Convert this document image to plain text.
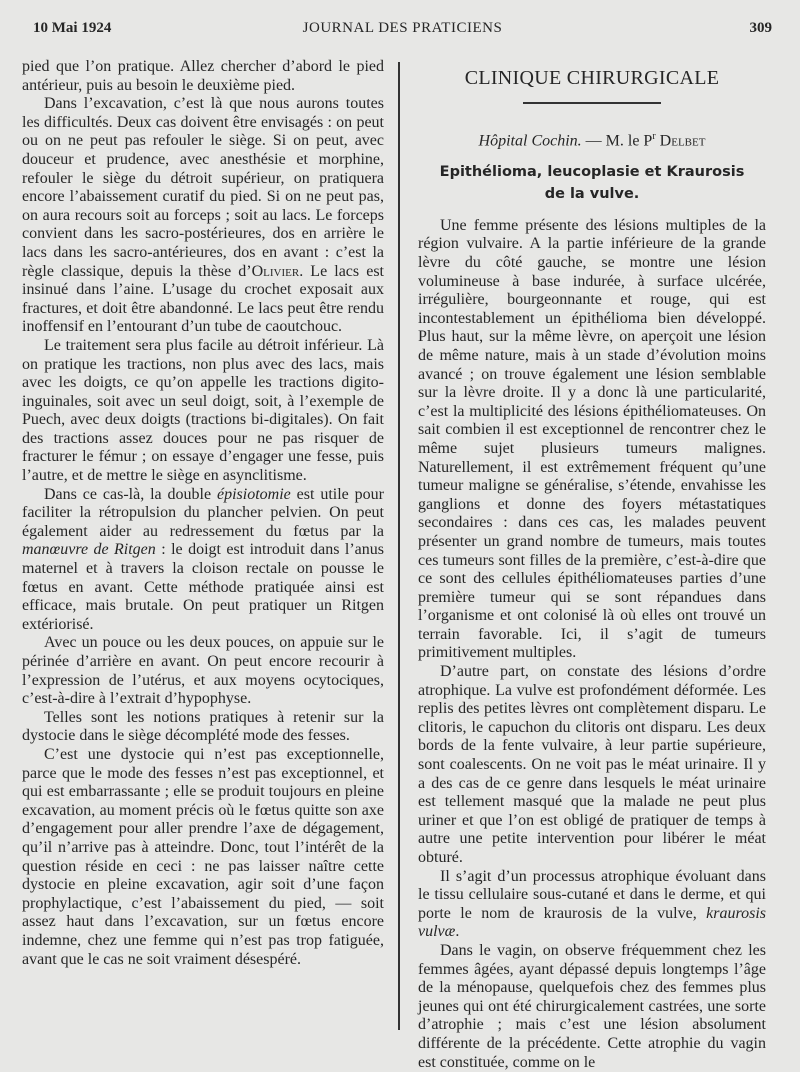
10 Mai 1924	JOURNAL DES PRATICIENS	309

pied que l’on pratique. Allez chercher d’abord le pied antérieur, puis au besoin le deuxième pied.

Dans l’excavation, c’est là que nous aurons toutes les difficultés. Deux cas doivent être envisagés : on peut ou on ne peut pas refouler le siège. Si on peut, avec douceur et prudence, avec anesthésie et morphine, refouler le siège du détroit supérieur, on pratiquera encore l’abaissement curatif du pied. Si on ne peut pas, on aura recours soit au forceps ; soit au lacs. Le forceps convient dans les sacro-postérieures, dos en arrière le lacs dans les sacro-antérieures, dos en avant : c’est la règle classique, depuis la thèse d’Olivier. Le lacs est insinué dans l’aine. L’usage du crochet exposait aux fractures, et doit être abandonné. Le lacs peut être rendu inoffensif en l’entourant d’un tube de caoutchouc.

Le traitement sera plus facile au détroit inférieur. Là on pratique les tractions, non plus avec des lacs, mais avec les doigts, ce qu’on appelle les tractions digito-inguinales, soit avec un seul doigt, soit, à l’exemple de Puech, avec deux doigts (tractions bi-digitales). On fait des tractions assez douces pour ne pas risquer de fracturer le fémur ; on essaye d’engager une fesse, puis l’autre, et de mettre le siège en asynclitisme.

Dans ce cas-là, la double épisiotomie est utile pour faciliter la rétropulsion du plancher pelvien. On peut également aider au redressement du fœtus par la manœuvre de Ritgen : le doigt est introduit dans l’anus maternel et à travers la cloison rectale on pousse le fœtus en avant. Cette méthode pratiquée ainsi est efficace, mais brutale. On peut pratiquer un Ritgen extériorisé.

Avec un pouce ou les deux pouces, on appuie sur le périnée d’arrière en avant. On peut encore recourir à l’expression de l’utérus, et aux moyens ocytociques, c’est-à-dire à l’extrait d’hypophyse.

Telles sont les notions pratiques à retenir sur la dystocie dans le siège décomplété mode des fesses.

C’est une dystocie qui n’est pas exceptionnelle, parce que le mode des fesses n’est pas exceptionnel, et qui est embarrassante ; elle se produit toujours en pleine excavation, au moment précis où le fœtus quitte son axe d’engagement pour aller prendre l’axe de dégagement, qu’il n’arrive pas à atteindre. Donc, tout l’intérêt de la question réside en ceci : ne pas laisser naître cette dystocie en pleine excavation, agir soit d’une façon prophylactique, c’est l’abaissement du pied, — soit assez haut dans l’excavation, sur un fœtus encore indemne, chez une femme qui n’est pas trop fatiguée, avant que le cas ne soit vraiment désespéré.

CLINIQUE CHIRURGICALE
Hôpital Cochin. — M. le $P^r$ Delbet
Epithélioma, leucoplasie et Kraurosis
de la vulve.

Une femme présente des lésions multiples de la région vulvaire. A la partie inférieure de la grande lèvre du côté gauche, se montre une lésion volumineuse à base indurée, à surface ulcérée, irrégulière, bourgeonnante et rouge, qui est incontestablement un épithélioma bien développé. Plus haut, sur la même lèvre, on aperçoit une lésion de même nature, mais à un stade d’évolution moins avancé ; on trouve également une lésion semblable sur la lèvre droite. Il y a donc là une particularité, c’est la multiplicité des lésions épithéliomateuses. On sait combien il est exceptionnel de rencontrer chez le même sujet plusieurs tumeurs malignes. Naturellement, il est extrêmement fréquent qu’une tumeur maligne se généralise, s’étende, envahisse les ganglions et donne des foyers métastatiques secondaires : dans ces cas, les malades peuvent présenter un grand nombre de tumeurs, mais toutes ces tumeurs sont filles de la première, c’est-à-dire que ce sont des cellules épithéliomateuses parties d’une première tumeur qui se sont répandues dans l’organisme et ont colonisé là où elles ont trouvé un terrain favorable. Ici, il s’agit de tumeurs primitivement multiples.

D’autre part, on constate des lésions d’ordre atrophique. La vulve est profondément déformée. Les replis des petites lèvres ont complètement disparu. Le clitoris, le capuchon du clitoris ont disparu. Les deux bords de la fente vulvaire, à leur partie supérieure, sont coalescents. On ne voit pas le méat urinaire. Il y a des cas de ce genre dans lesquels le méat urinaire est tellement masqué que la malade ne peut plus uriner et que l’on est obligé de pratiquer de temps à autre une petite intervention pour libérer le méat obturé.

Il s’agit d’un processus atrophique évoluant dans le tissu cellulaire sous-cutané et dans le derme, et qui porte le nom de kraurosis de la vulve, kraurosis vulvæ.

Dans le vagin, on observe fréquemment chez les femmes âgées, ayant dépassé depuis longtemps l’âge de la ménopause, quelquefois chez des femmes plus jeunes qui ont été chirurgicalement castrées, une sorte d’atrophie ; mais c’est une lésion absolument différente de la précédente. Cette atrophie du vagin est constituée, comme on le
